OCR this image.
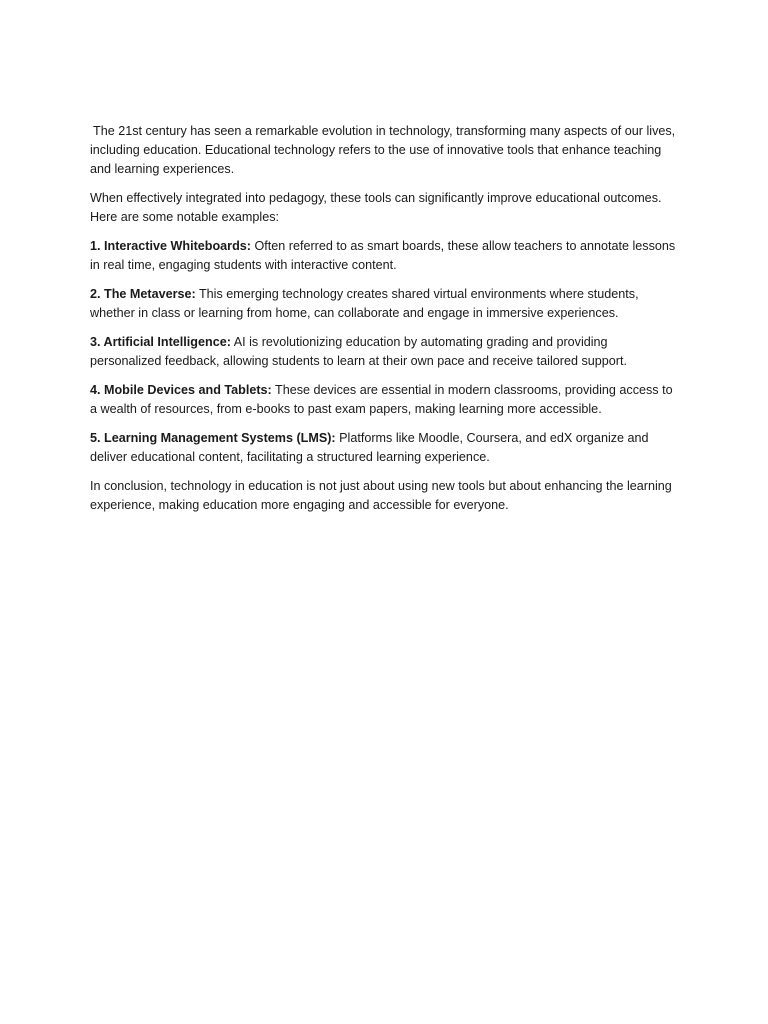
The 21st century has seen a remarkable evolution in technology, transforming many aspects of our lives, including education. Educational technology refers to the use of innovative tools that enhance teaching and learning experiences.

When effectively integrated into pedagogy, these tools can significantly improve educational outcomes. Here are some notable examples:

1. Interactive Whiteboards: Often referred to as smart boards, these allow teachers to annotate lessons in real time, engaging students with interactive content.

2. The Metaverse: This emerging technology creates shared virtual environments where students, whether in class or learning from home, can collaborate and engage in immersive experiences.

3. Artificial Intelligence: AI is revolutionizing education by automating grading and providing personalized feedback, allowing students to learn at their own pace and receive tailored support.

4. Mobile Devices and Tablets: These devices are essential in modern classrooms, providing access to a wealth of resources, from e-books to past exam papers, making learning more accessible.

5. Learning Management Systems (LMS): Platforms like Moodle, Coursera, and edX organize and deliver educational content, facilitating a structured learning experience.

In conclusion, technology in education is not just about using new tools but about enhancing the learning experience, making education more engaging and accessible for everyone.
